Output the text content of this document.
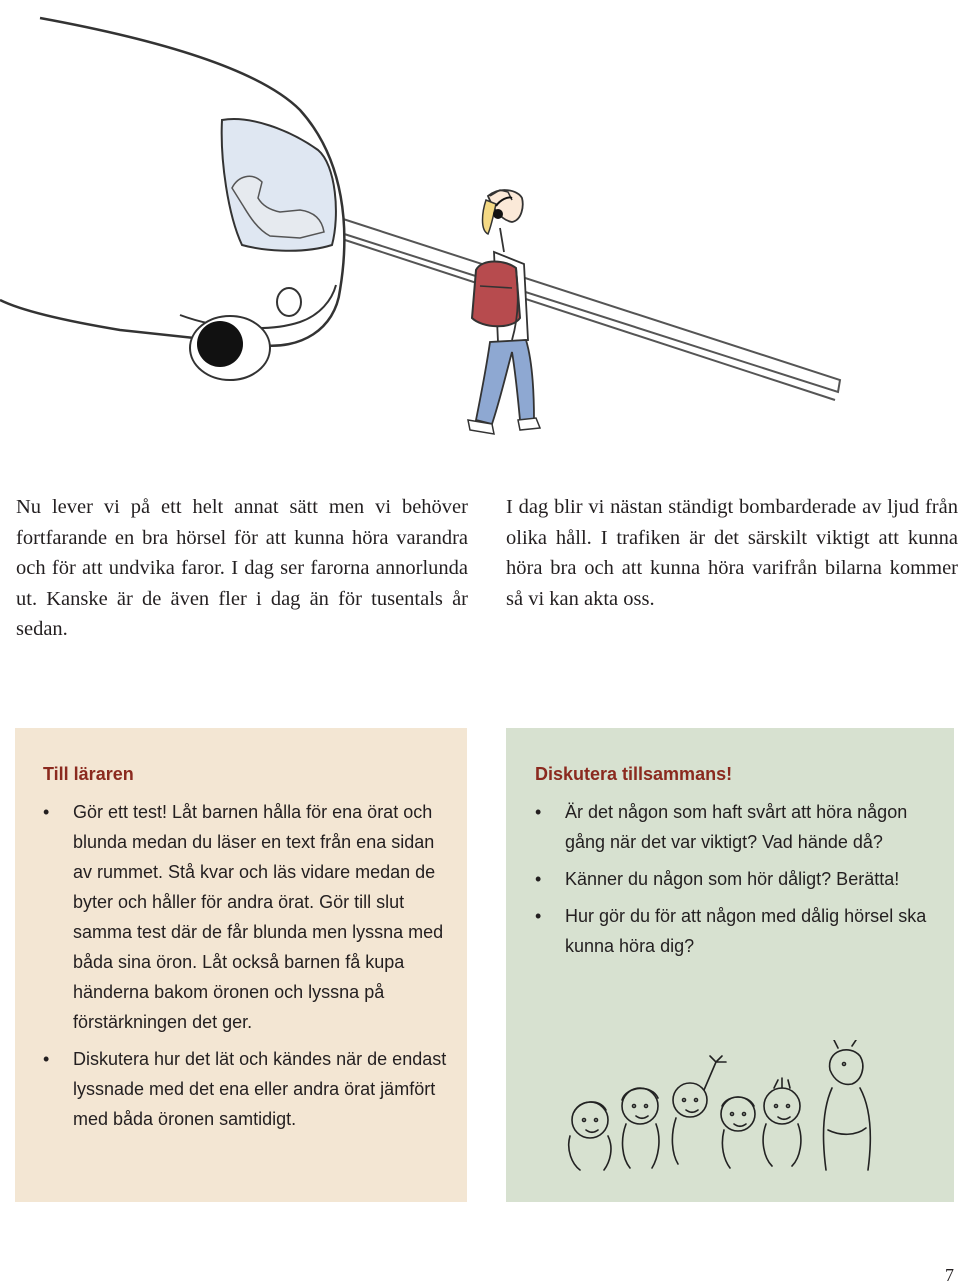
Nu lever vi på ett helt annat sätt men vi behöver fortfarande en bra hörsel för att kunna höra varandra och för att undvika faror. I dag ser farorna annorlunda ut. Kanske är de även fler i dag än för tusentals år sedan.
I dag blir vi nästan ständigt bombarderade av ljud från olika håll. I trafiken är det särskilt viktigt att kunna höra bra och att kunna höra varifrån bilarna kommer så vi kan akta oss.
Till läraren
• Gör ett test! Låt barnen hålla för ena örat och blunda medan du läser en text från ena sidan av rummet. Stå kvar och läs vidare medan de byter och håller för andra örat. Gör till slut samma test där de får blunda men lyssna med båda sina öron. Låt också barnen få kupa händerna bakom öronen och lyssna på förstärkningen det ger.
• Diskutera hur det lät och kändes när de endast lyssnade med det ena eller andra örat jämfört med båda öronen samtidigt.
Diskutera tillsammans!
• Är det någon som haft svårt att höra någon gång när det var viktigt? Vad hände då?
• Känner du någon som hör dåligt? Berätta!
• Hur gör du för att någon med dålig hörsel ska kunna höra dig?
7
